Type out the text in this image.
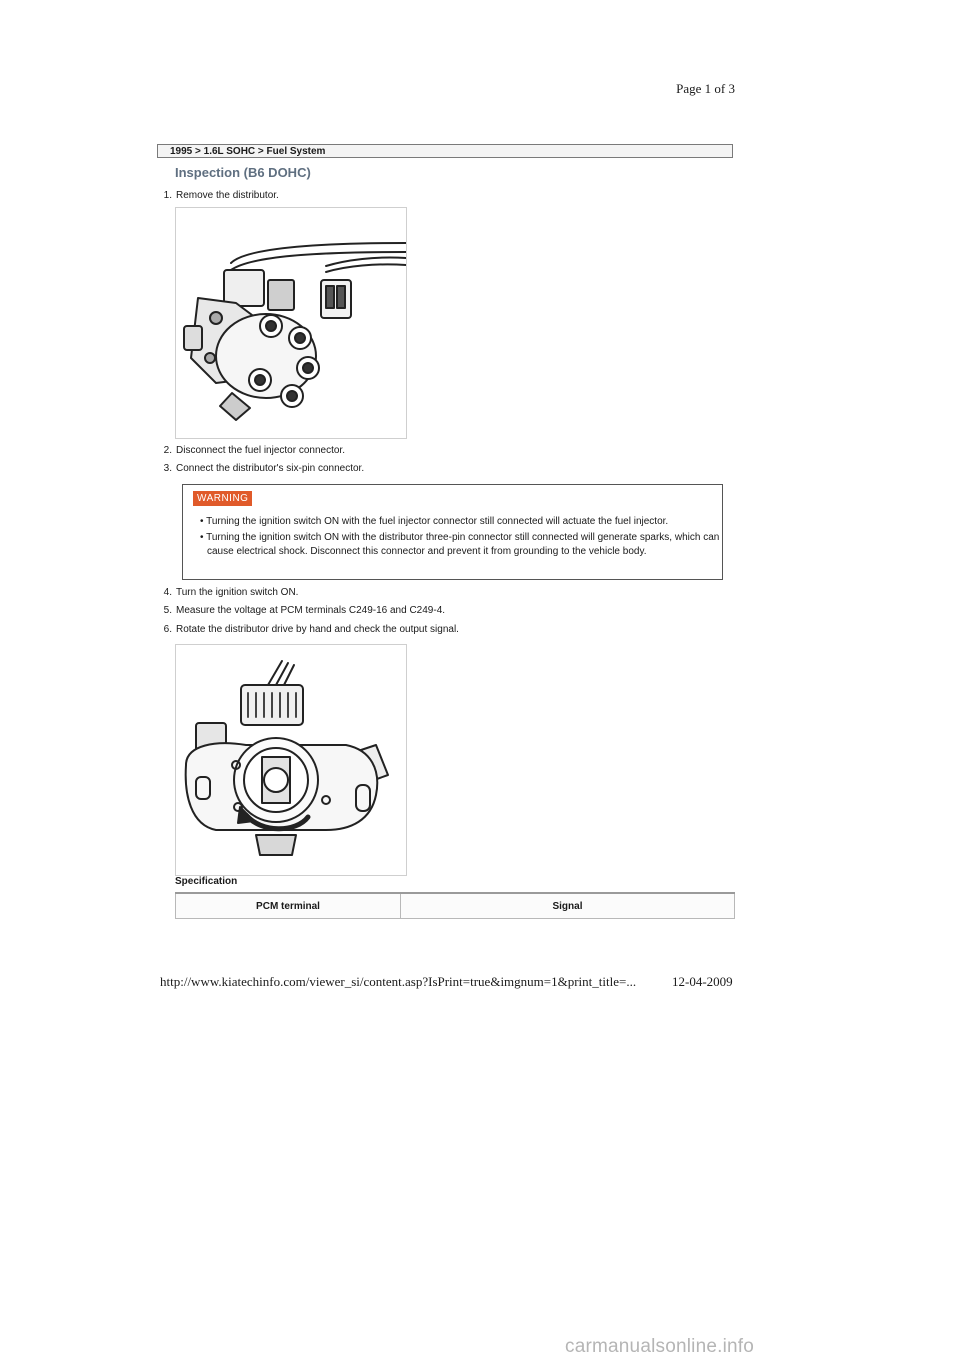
Page 1 of 3
1995 > 1.6L SOHC > Fuel System
Inspection (B6 DOHC)
1. Remove the distributor.
2. Disconnect the fuel injector connector.
3. Connect the distributor's six-pin connector.
WARNING
• Turning the ignition switch ON with the fuel injector connector still connected will actuate the fuel injector.
• Turning the ignition switch ON with the distributor three-pin connector still connected will generate sparks, which can cause electrical shock. Disconnect this connector and prevent it from grounding to the vehicle body.
4. Turn the ignition switch ON.
5. Measure the voltage at PCM terminals C249-16 and C249-4.
6. Rotate the distributor drive by hand and check the output signal.
Specification
PCM terminal	Signal
http://www.kiatechinfo.com/viewer_si/content.asp?IsPrint=true&imgnum=1&print_title=...	12-04-2009
carmanualsonline.info
